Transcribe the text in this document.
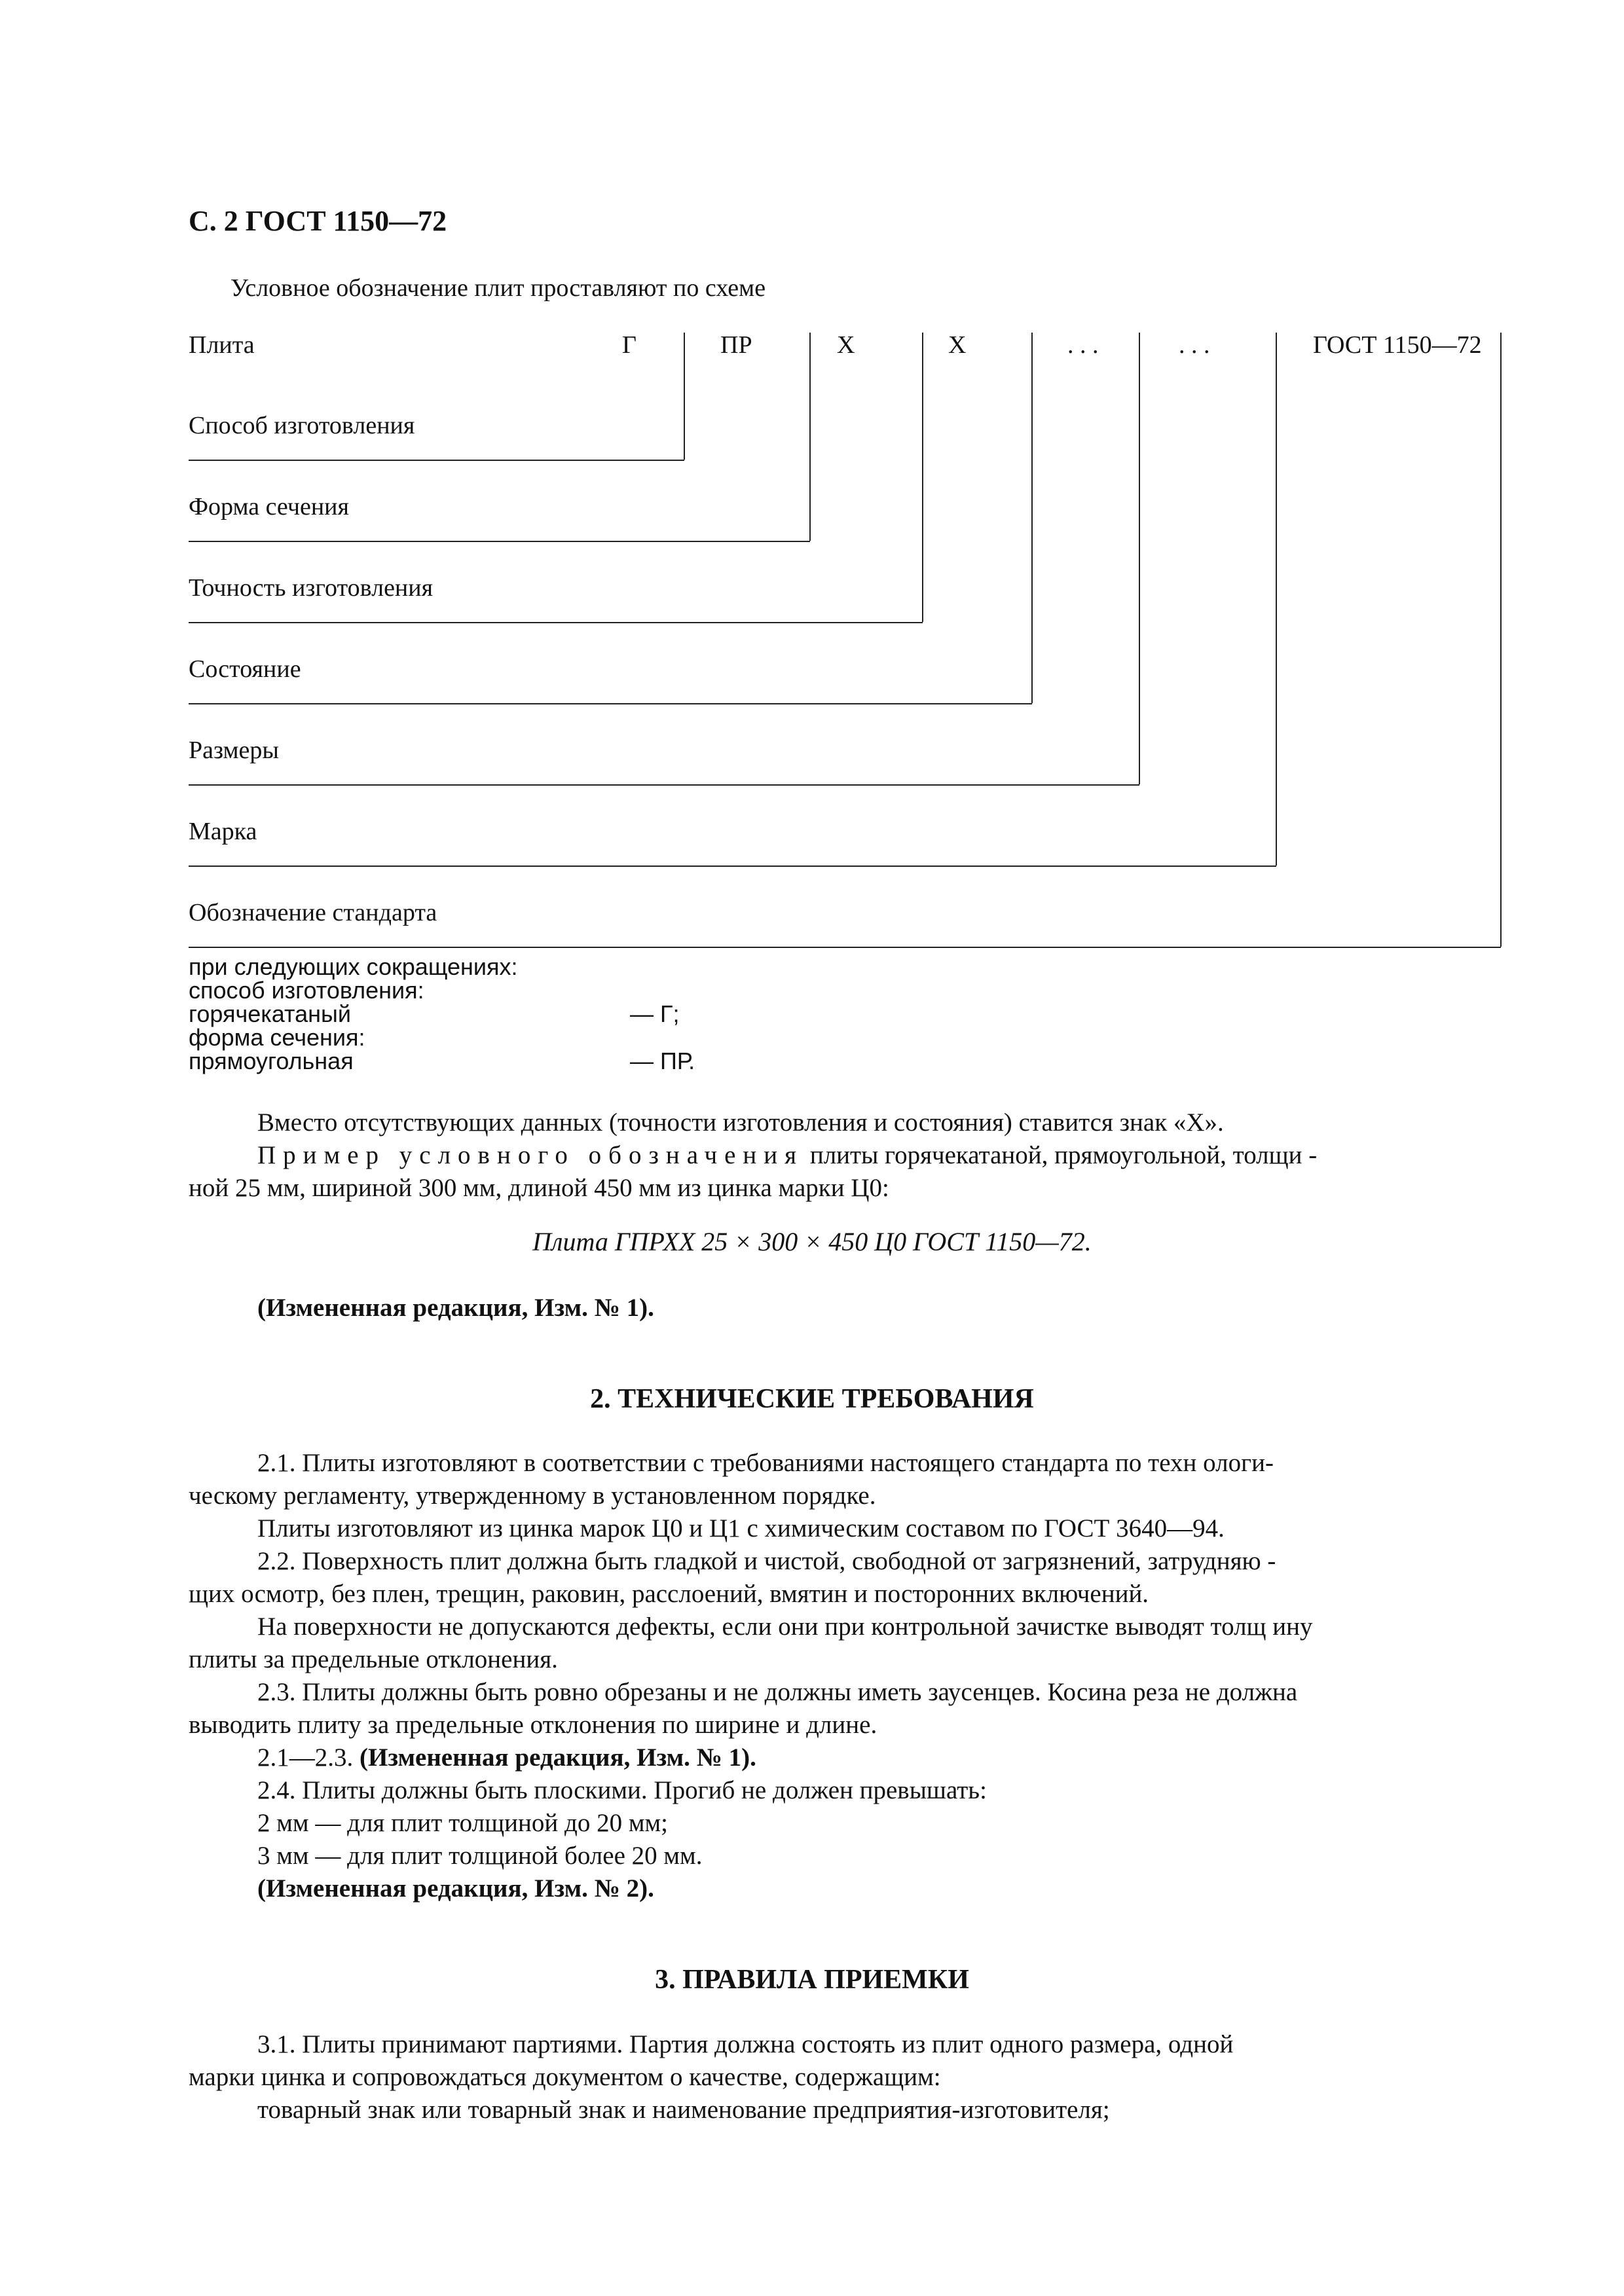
С. 2 ГОСТ 1150—72
Условное обозначение плит проставляют по схеме
Плита	Г	ПР	Х	Х	. . .	. . .	ГОСТ 1150—72
Способ изготовления
Форма сечения
Точность изготовления
Состояние
Размеры
Марка
Обозначение стандарта
при следующих сокращениях:
способ изготовления:
горячекатаный	— Г;
форма сечения:
прямоугольная	— ПР.
Вместо отсутствующих данных (точности изготовления и состояния) ставится знак «Х».
Пример условного обозначения плиты горячекатаной, прямоугольной, толщи -
ной 25 мм, шириной 300 мм, длиной 450 мм из цинка марки Ц0:
Плита ГПРХХ 25 × 300 × 450 Ц0 ГОСТ 1150—72.
(Измененная редакция, Изм. № 1).
2. ТЕХНИЧЕСКИЕ ТРЕБОВАНИЯ
2.1. Плиты изготовляют в соответствии с требованиями настоящего стандарта по техн ологи-
ческому регламенту, утвержденному в установленном порядке.
Плиты изготовляют из цинка марок Ц0 и Ц1 с химическим составом по ГОСТ 3640—94.
2.2. Поверхность плит должна быть гладкой и чистой, свободной от загрязнений, затрудняю -
щих осмотр, без плен, трещин, раковин, расслоений, вмятин и посторонних включений.
На поверхности не допускаются дефекты, если они при контрольной зачистке выводят толщ ину
плиты за предельные отклонения.
2.3. Плиты должны быть ровно обрезаны и не должны иметь заусенцев. Косина реза не должна
выводить плиту за предельные отклонения по ширине и длине.
2.1—2.3. (Измененная редакция, Изм. № 1).
2.4. Плиты должны быть плоскими. Прогиб не должен превышать:
2 мм — для плит толщиной до 20 мм;
3 мм — для плит толщиной более 20 мм.
(Измененная редакция, Изм. № 2).
3. ПРАВИЛА ПРИЕМКИ
3.1. Плиты принимают партиями. Партия должна состоять из плит одного размера, одной
марки цинка и сопровождаться документом о качестве, содержащим:
товарный знак или товарный знак и наименование предприятия-изготовителя;
